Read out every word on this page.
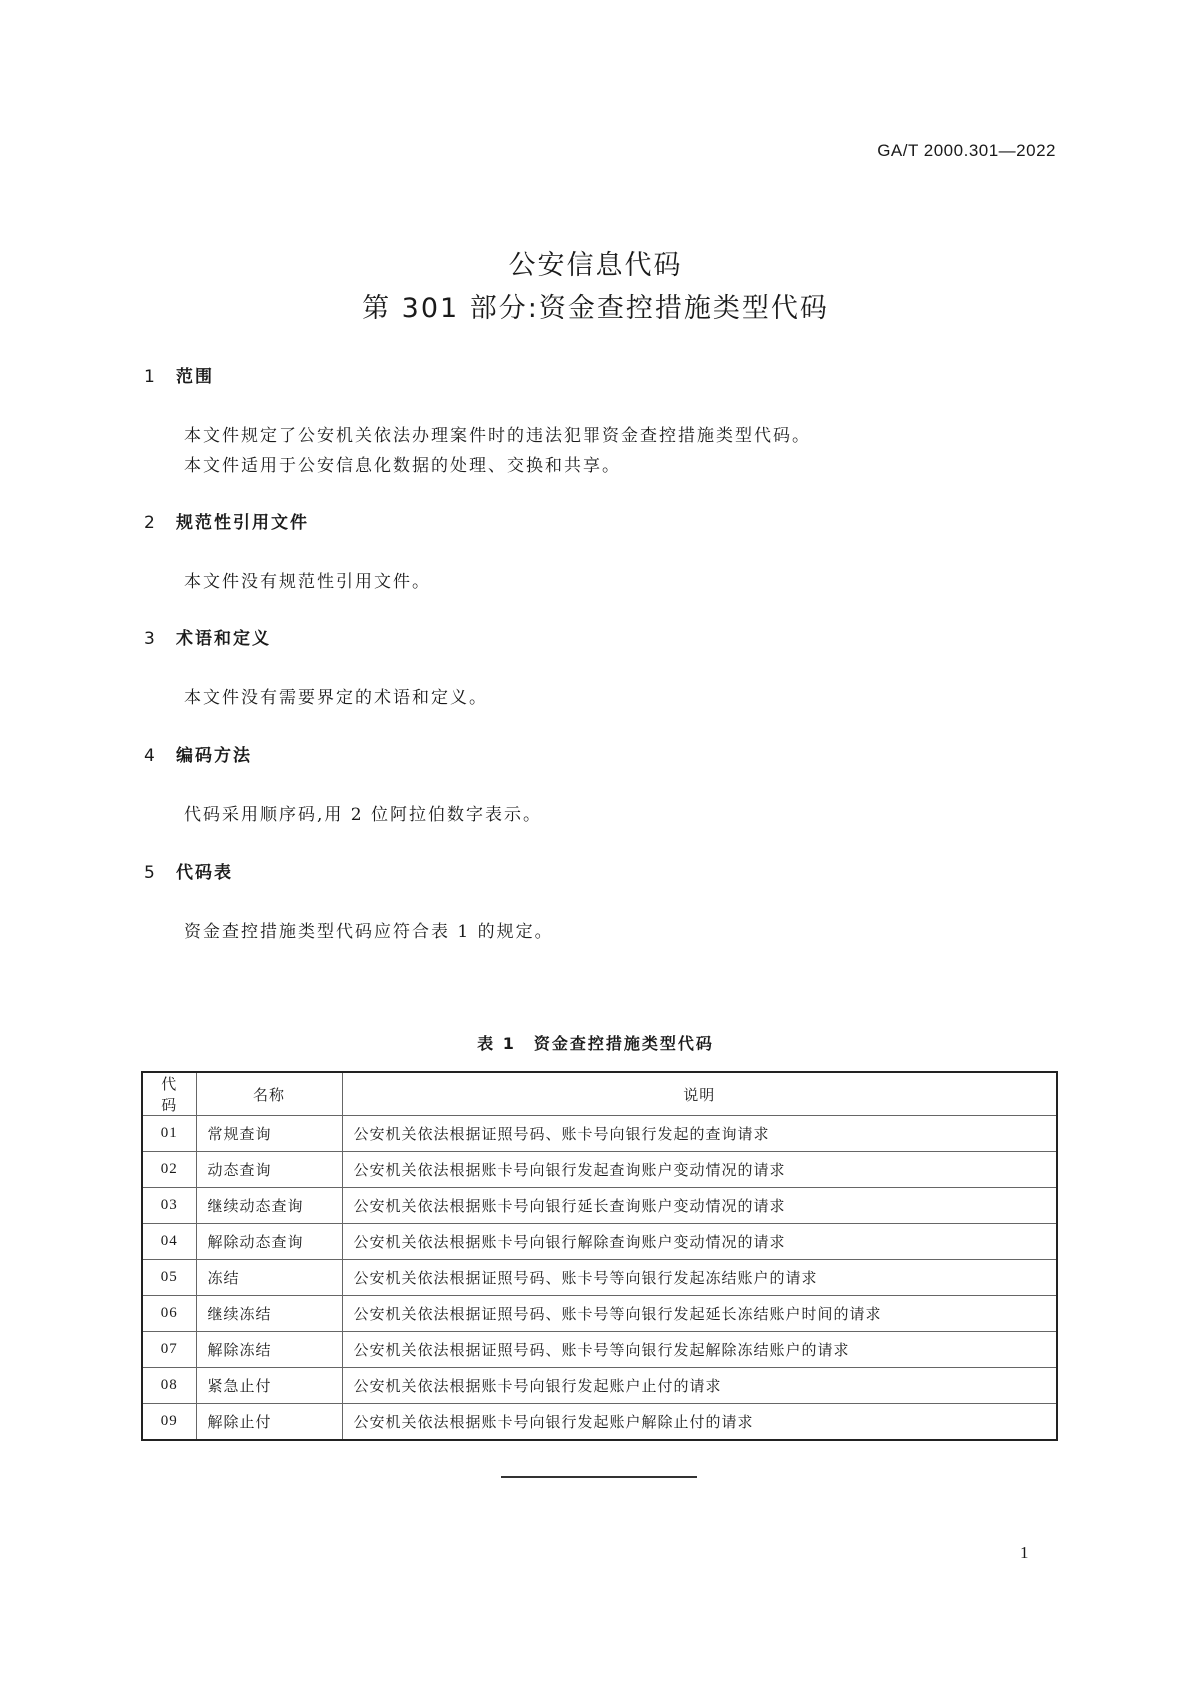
GA/T 2000.301—2022
公安信息代码
第 301 部分:资金查控措施类型代码
1 范围
本文件规定了公安机关依法办理案件时的违法犯罪资金查控措施类型代码。
本文件适用于公安信息化数据的处理、交换和共享。
2 规范性引用文件
本文件没有规范性引用文件。
3 术语和定义
本文件没有需要界定的术语和定义。
4 编码方法
代码采用顺序码,用 2 位阿拉伯数字表示。
5 代码表
资金查控措施类型代码应符合表 1 的规定。
表 1　资金查控措施类型代码
代码	名称	说明
01	常规查询	公安机关依法根据证照号码、账卡号向银行发起的查询请求
02	动态查询	公安机关依法根据账卡号向银行发起查询账户变动情况的请求
03	继续动态查询	公安机关依法根据账卡号向银行延长查询账户变动情况的请求
04	解除动态查询	公安机关依法根据账卡号向银行解除查询账户变动情况的请求
05	冻结	公安机关依法根据证照号码、账卡号等向银行发起冻结账户的请求
06	继续冻结	公安机关依法根据证照号码、账卡号等向银行发起延长冻结账户时间的请求
07	解除冻结	公安机关依法根据证照号码、账卡号等向银行发起解除冻结账户的请求
08	紧急止付	公安机关依法根据账卡号向银行发起账户止付的请求
09	解除止付	公安机关依法根据账卡号向银行发起账户解除止付的请求
1
